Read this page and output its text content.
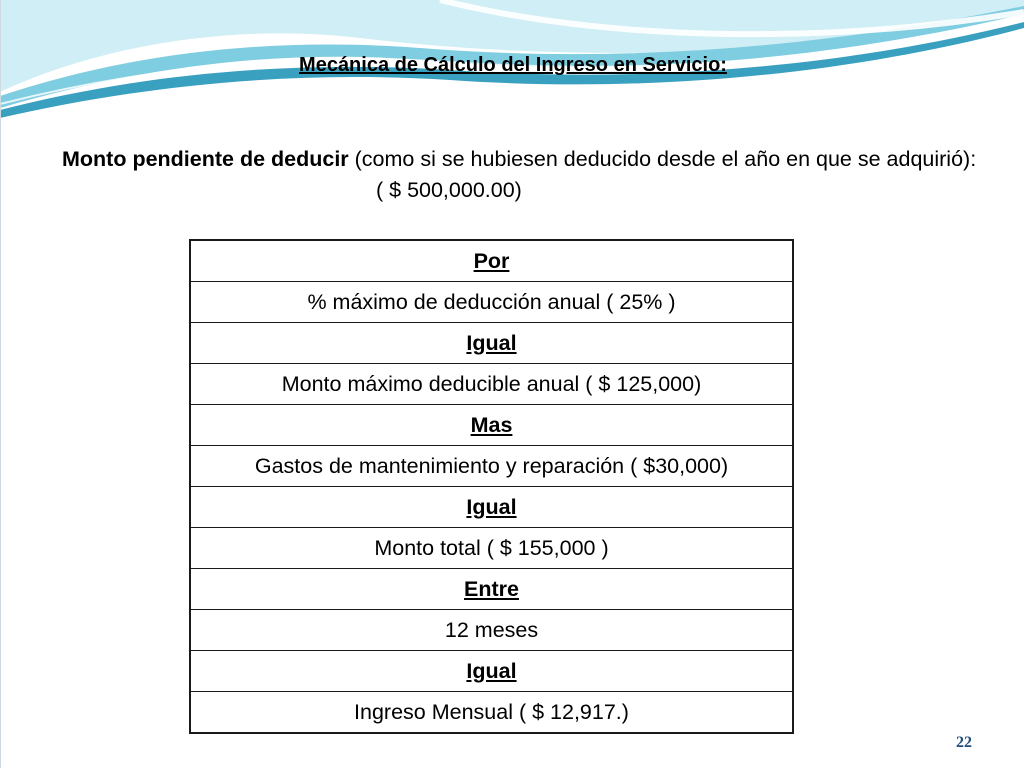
Mecánica de Cálculo del Ingreso en Servicio:
Monto pendiente de deducir (como si se hubiesen deducido desde el año en que se adquirió):
( $ 500,000.00)
Por
% máximo de deducción anual ( 25% )
Igual
Monto máximo deducible anual ( $ 125,000)
Mas
Gastos de mantenimiento y reparación ( $30,000)
Igual
Monto total ( $ 155,000 )
Entre
12 meses
Igual
Ingreso Mensual ( $ 12,917.)
22
